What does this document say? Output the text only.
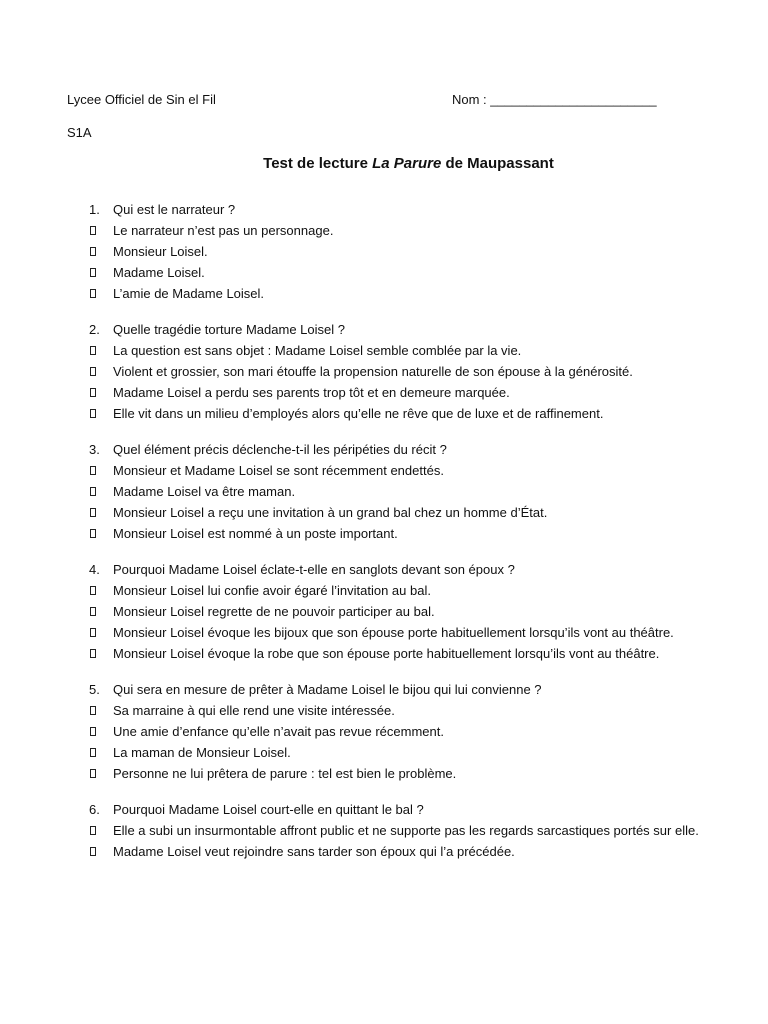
Lycee Officiel de Sin el Fil	Nom : _______________________
S1A
Test de lecture La Parure de Maupassant
1.	Qui est le narrateur ?
Le narrateur n’est pas un personnage.
Monsieur Loisel.
Madame Loisel.
L’amie de Madame Loisel.
2.	Quelle tragédie torture Madame Loisel ?
La question est sans objet : Madame Loisel semble comblée par la vie.
Violent et grossier, son mari étouffe la propension naturelle de son épouse à la générosité.
Madame Loisel a perdu ses parents trop tôt et en demeure marquée.
Elle vit dans un milieu d’employés alors qu’elle ne rêve que de luxe et de raffinement.
3.	Quel élément précis déclenche-t-il les péripéties du récit ?
Monsieur et Madame Loisel se sont récemment endettés.
Madame Loisel va être maman.
Monsieur Loisel a reçu une invitation à un grand bal chez un homme d’État.
Monsieur Loisel est nommé à un poste important.
4.	Pourquoi Madame Loisel éclate-t-elle en sanglots devant son époux ?
Monsieur Loisel lui confie avoir égaré l’invitation au bal.
Monsieur Loisel regrette de ne pouvoir participer au bal.
Monsieur Loisel évoque les bijoux que son épouse porte habituellement lorsqu’ils vont au théâtre.
Monsieur Loisel évoque la robe que son épouse porte habituellement lorsqu’ils vont au théâtre.
5.	Qui sera en mesure de prêter à Madame Loisel le bijou qui lui convienne ?
Sa marraine à qui elle rend une visite intéressée.
Une amie d’enfance qu’elle n’avait pas revue récemment.
La maman de Monsieur Loisel.
Personne ne lui prêtera de parure : tel est bien le problème.
6.	Pourquoi Madame Loisel court-elle en quittant le bal ?
Elle a subi un insurmontable affront public et ne supporte pas les regards sarcastiques portés sur elle.
Madame Loisel veut rejoindre sans tarder son époux qui l’a précédée.
